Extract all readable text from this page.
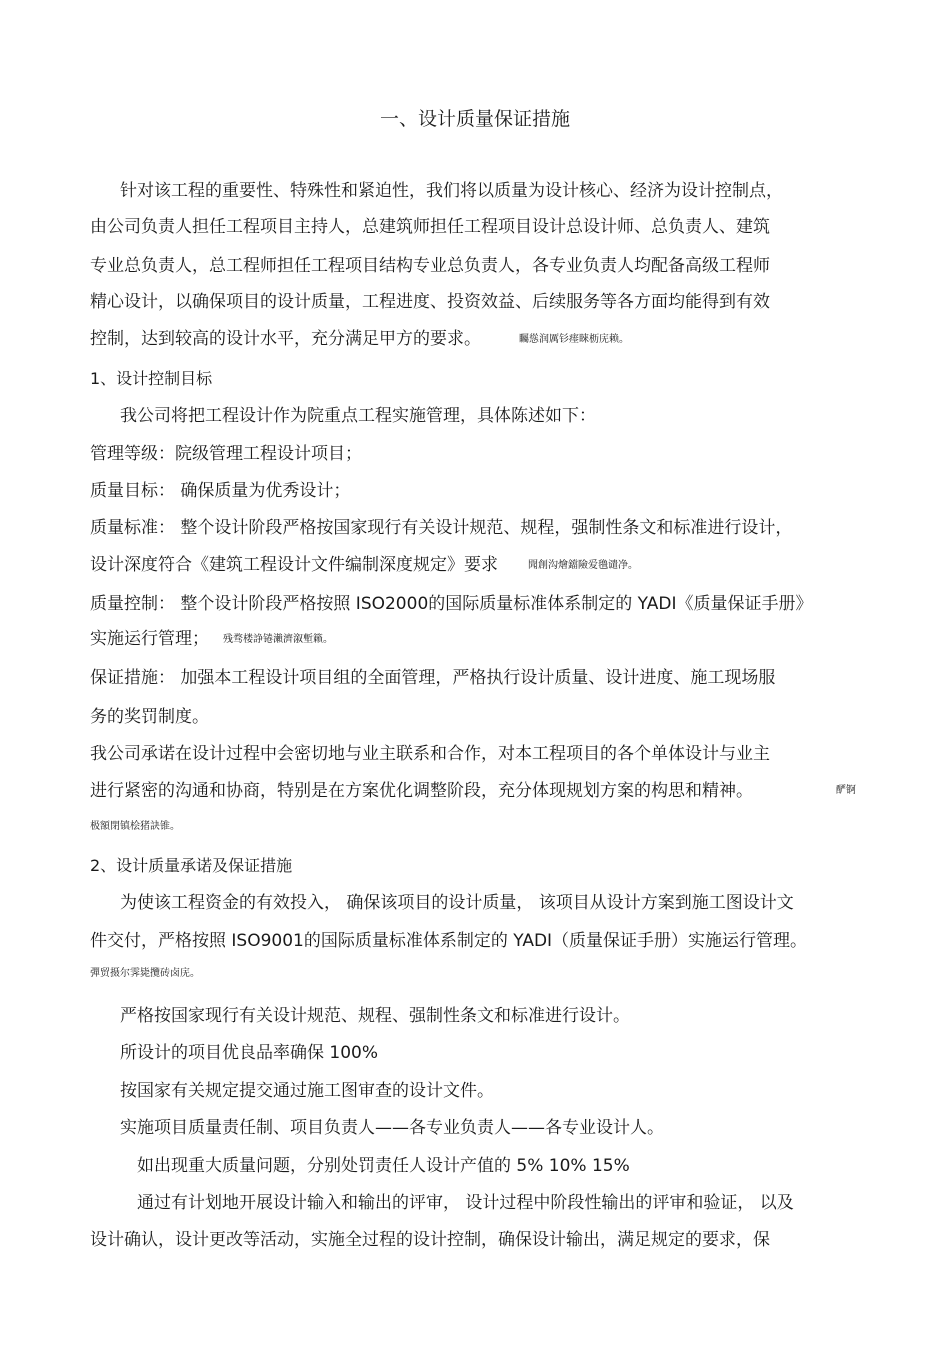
一、设计质量保证措施
针对该工程的重要性、特殊性和紧迫性，我们将以质量为设计核心、经济为设计控制点，
由公司负责人担任工程项目主持人，总建筑师担任工程项目设计总设计师、总负责人、建筑
专业总负责人，总工程师担任工程项目结构专业总负责人，各专业负责人均配备高级工程师
精心设计，以确保项目的设计质量，工程进度、投资效益、后续服务等各方面均能得到有效
控制，达到较高的设计水平，充分满足甲方的要求。	矚慫润厲钐瘗睞枥庑赖。
1、设计控制目标
我公司将把工程设计作为院重点工程实施管理，具体陈述如下：
管理等级：院级管理工程设计项目；
质量目标： 确保质量为优秀设计；
质量标准： 整个设计阶段严格按国家现行有关设计规范、规程，强制性条文和标准进行设计，
设计深度符合《建筑工程设计文件编制深度规定》要求	聞創沟燴鐺險爱氇谴净。
质量控制： 整个设计阶段严格按照 ISO2000的国际质量标准体系制定的 YADI《质量保证手册》
实施运行管理； 残骛楼諍锩瀨濟溆塹籟。
保证措施： 加强本工程设计项目组的全面管理，严格执行设计质量、设计进度、施工现场服
务的奖罚制度。
我公司承诺在设计过程中会密切地与业主联系和合作，对本工程项目的各个单体设计与业主
进行紧密的沟通和协商，特别是在方案优化调整阶段，充分体现规划方案的构思和精神。	酽锕
极額閉镇桧猪訣锥。
2、设计质量承诺及保证措施
为使该工程资金的有效投入， 确保该项目的设计质量， 该项目从设计方案到施工图设计文
件交付，严格按照 ISO9001的国际质量标准体系制定的 YADI（质量保证手册）实施运行管理。
彈贸摄尔霁毙攬砖卤庑。
严格按国家现行有关设计规范、规程、强制性条文和标准进行设计。
所设计的项目优良品率确保 100%
按国家有关规定提交通过施工图审查的设计文件。
实施项目质量责任制、项目负责人——各专业负责人——各专业设计人。
如出现重大质量问题，分别处罚责任人设计产值的 5% 10% 15%
通过有计划地开展设计输入和输出的评审， 设计过程中阶段性输出的评审和验证， 以及
设计确认，设计更改等活动，实施全过程的设计控制，确保设计输出，满足规定的要求，保
